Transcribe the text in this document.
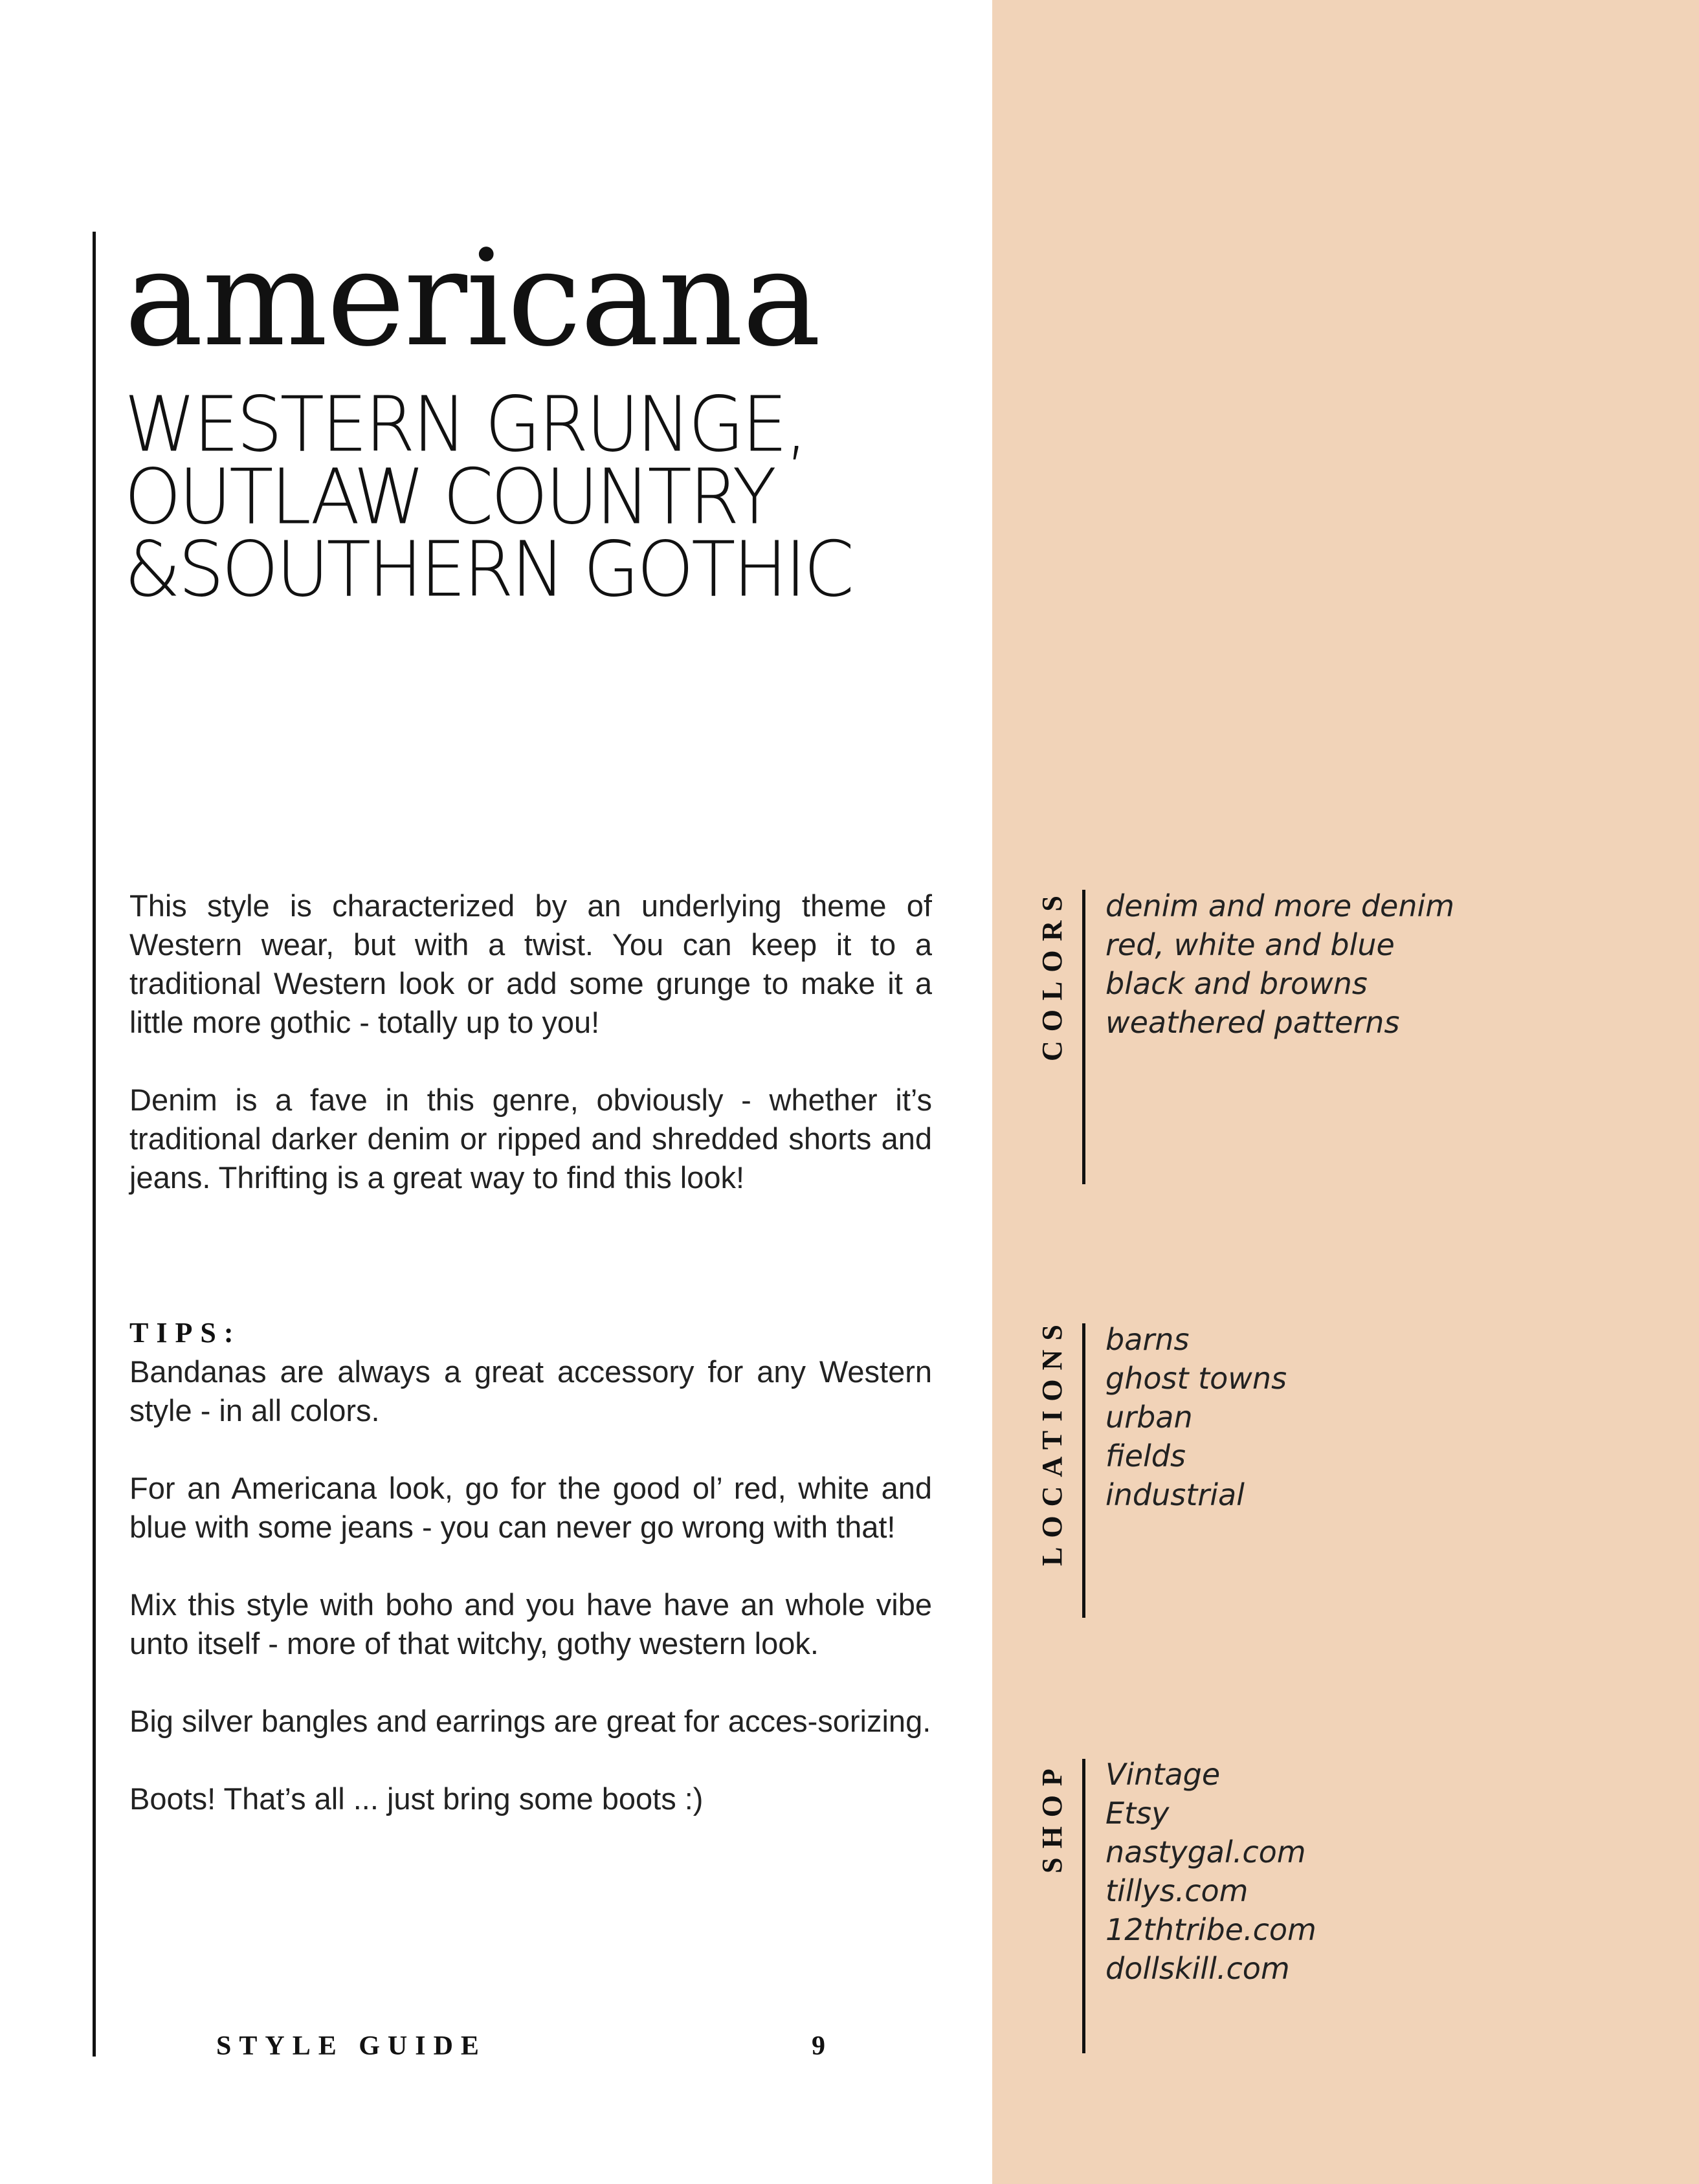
americana
WESTERN GRUNGE,
OUTLAW COUNTRY
&SOUTHERN GOTHIC

This style is characterized by an underlying theme of Western wear, but with a twist. You can keep it to a traditional Western look or add some grunge to make it a little more gothic - totally up to you!

Denim is a fave in this genre, obviously - whether it’s traditional darker denim or ripped and shredded shorts and jeans. Thrifting is a great way to find this look!

TIPS:

Bandanas are always a great accessory for any Western style - in all colors.

For an Americana look, go for the good ol’ red, white and blue with some jeans - you can never go wrong with that!

Mix this style with boho and you have have an whole vibe unto itself - more of that witchy, gothy western look.

Big silver bangles and earrings are great for acces-sorizing.

Boots! That’s all ... just bring some boots :)

STYLE GUIDE	9
COLORS denim and more denim
red, white and blue
black and browns
weathered patterns
LOCATIONS barns
ghost towns
urban
fields
industrial
SHOP Vintage
Etsy
nastygal.com
tillys.com
12thtribe.com
dollskill.com
